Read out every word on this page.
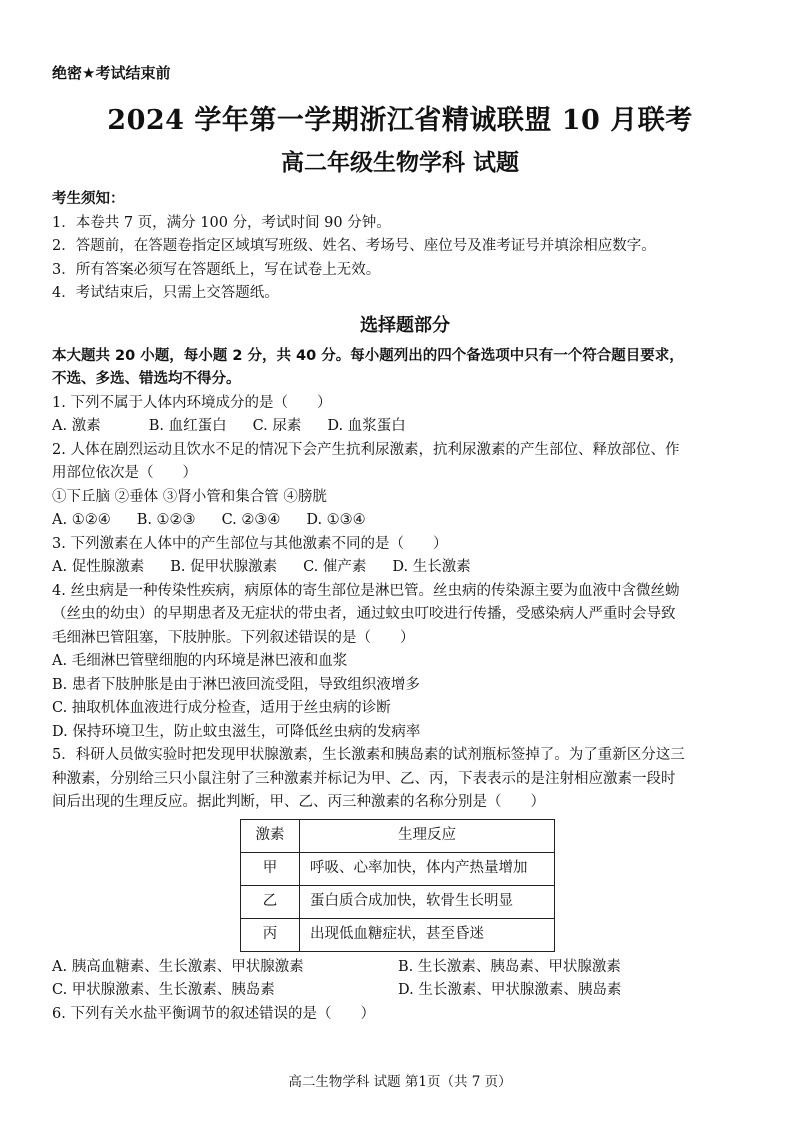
绝密★考试结束前
2024 学年第一学期浙江省精诚联盟 10 月联考
高二年级生物学科 试题

考生须知：

1．本卷共 7 页，满分 100 分，考试时间 90 分钟。

2．答题前，在答题卷指定区域填写班级、姓名、考场号、座位号及准考证号并填涂相应数字。

3．所有答案必须写在答题纸上，写在试卷上无效。

4．考试结束后，只需上交答题纸。

选择题部分

本大题共 20 小题，每小题 2 分，共 40 分。每小题列出的四个备选项中只有一个符合题目要求，

不选、多选、错选均不得分。

1. 下列不属于人体内环境成分的是（　　）

A. 激素	B. 血红蛋白 C. 尿素 D. 血浆蛋白

2. 人体在剧烈运动且饮水不足的情况下会产生抗利尿激素，抗利尿激素的产生部位、释放部位、作

用部位依次是（　　）

①下丘脑 ②垂体 ③肾小管和集合管 ④膀胱

A. ①②④ B. ①②③ C. ②③④ D. ①③④

3. 下列激素在人体中的产生部位与其他激素不同的是（　　）

A. 促性腺激素 B. 促甲状腺激素 C. 催产素 D. 生长激素

4. 丝虫病是一种传染性疾病，病原体的寄生部位是淋巴管。丝虫病的传染源主要为血液中含微丝蚴

（丝虫的幼虫）的早期患者及无症状的带虫者，通过蚊虫叮咬进行传播，受感染病人严重时会导致

毛细淋巴管阻塞，下肢肿胀。下列叙述错误的是（　　）

A. 毛细淋巴管壁细胞的内环境是淋巴液和血浆

B. 患者下肢肿胀是由于淋巴液回流受阻，导致组织液增多

C. 抽取机体血液进行成分检查，适用于丝虫病的诊断

D. 保持环境卫生，防止蚊虫滋生，可降低丝虫病的发病率

5．科研人员做实验时把发现甲状腺激素，生长激素和胰岛素的试剂瓶标签掉了。为了重新区分这三

种激素，分别给三只小鼠注射了三种激素并标记为甲、乙、丙，下表表示的是注射相应激素一段时

间后出现的生理反应。据此判断，甲、乙、丙三种激素的名称分别是（　　）

激素	生理反应
甲	呼吸、心率加快，体内产热量增加
乙	蛋白质合成加快，软骨生长明显
丙	出现低血糖症状，甚至昏迷
A. 胰高血糖素、生长激素、甲状腺激素	B. 生长激素、胰岛素、甲状腺激素
C. 甲状腺激素、生长激素、胰岛素	D. 生长激素、甲状腺激素、胰岛素

6. 下列有关水盐平衡调节的叙述错误的是（　　）

高二生物学科 试题 第1页（共 7 页）
